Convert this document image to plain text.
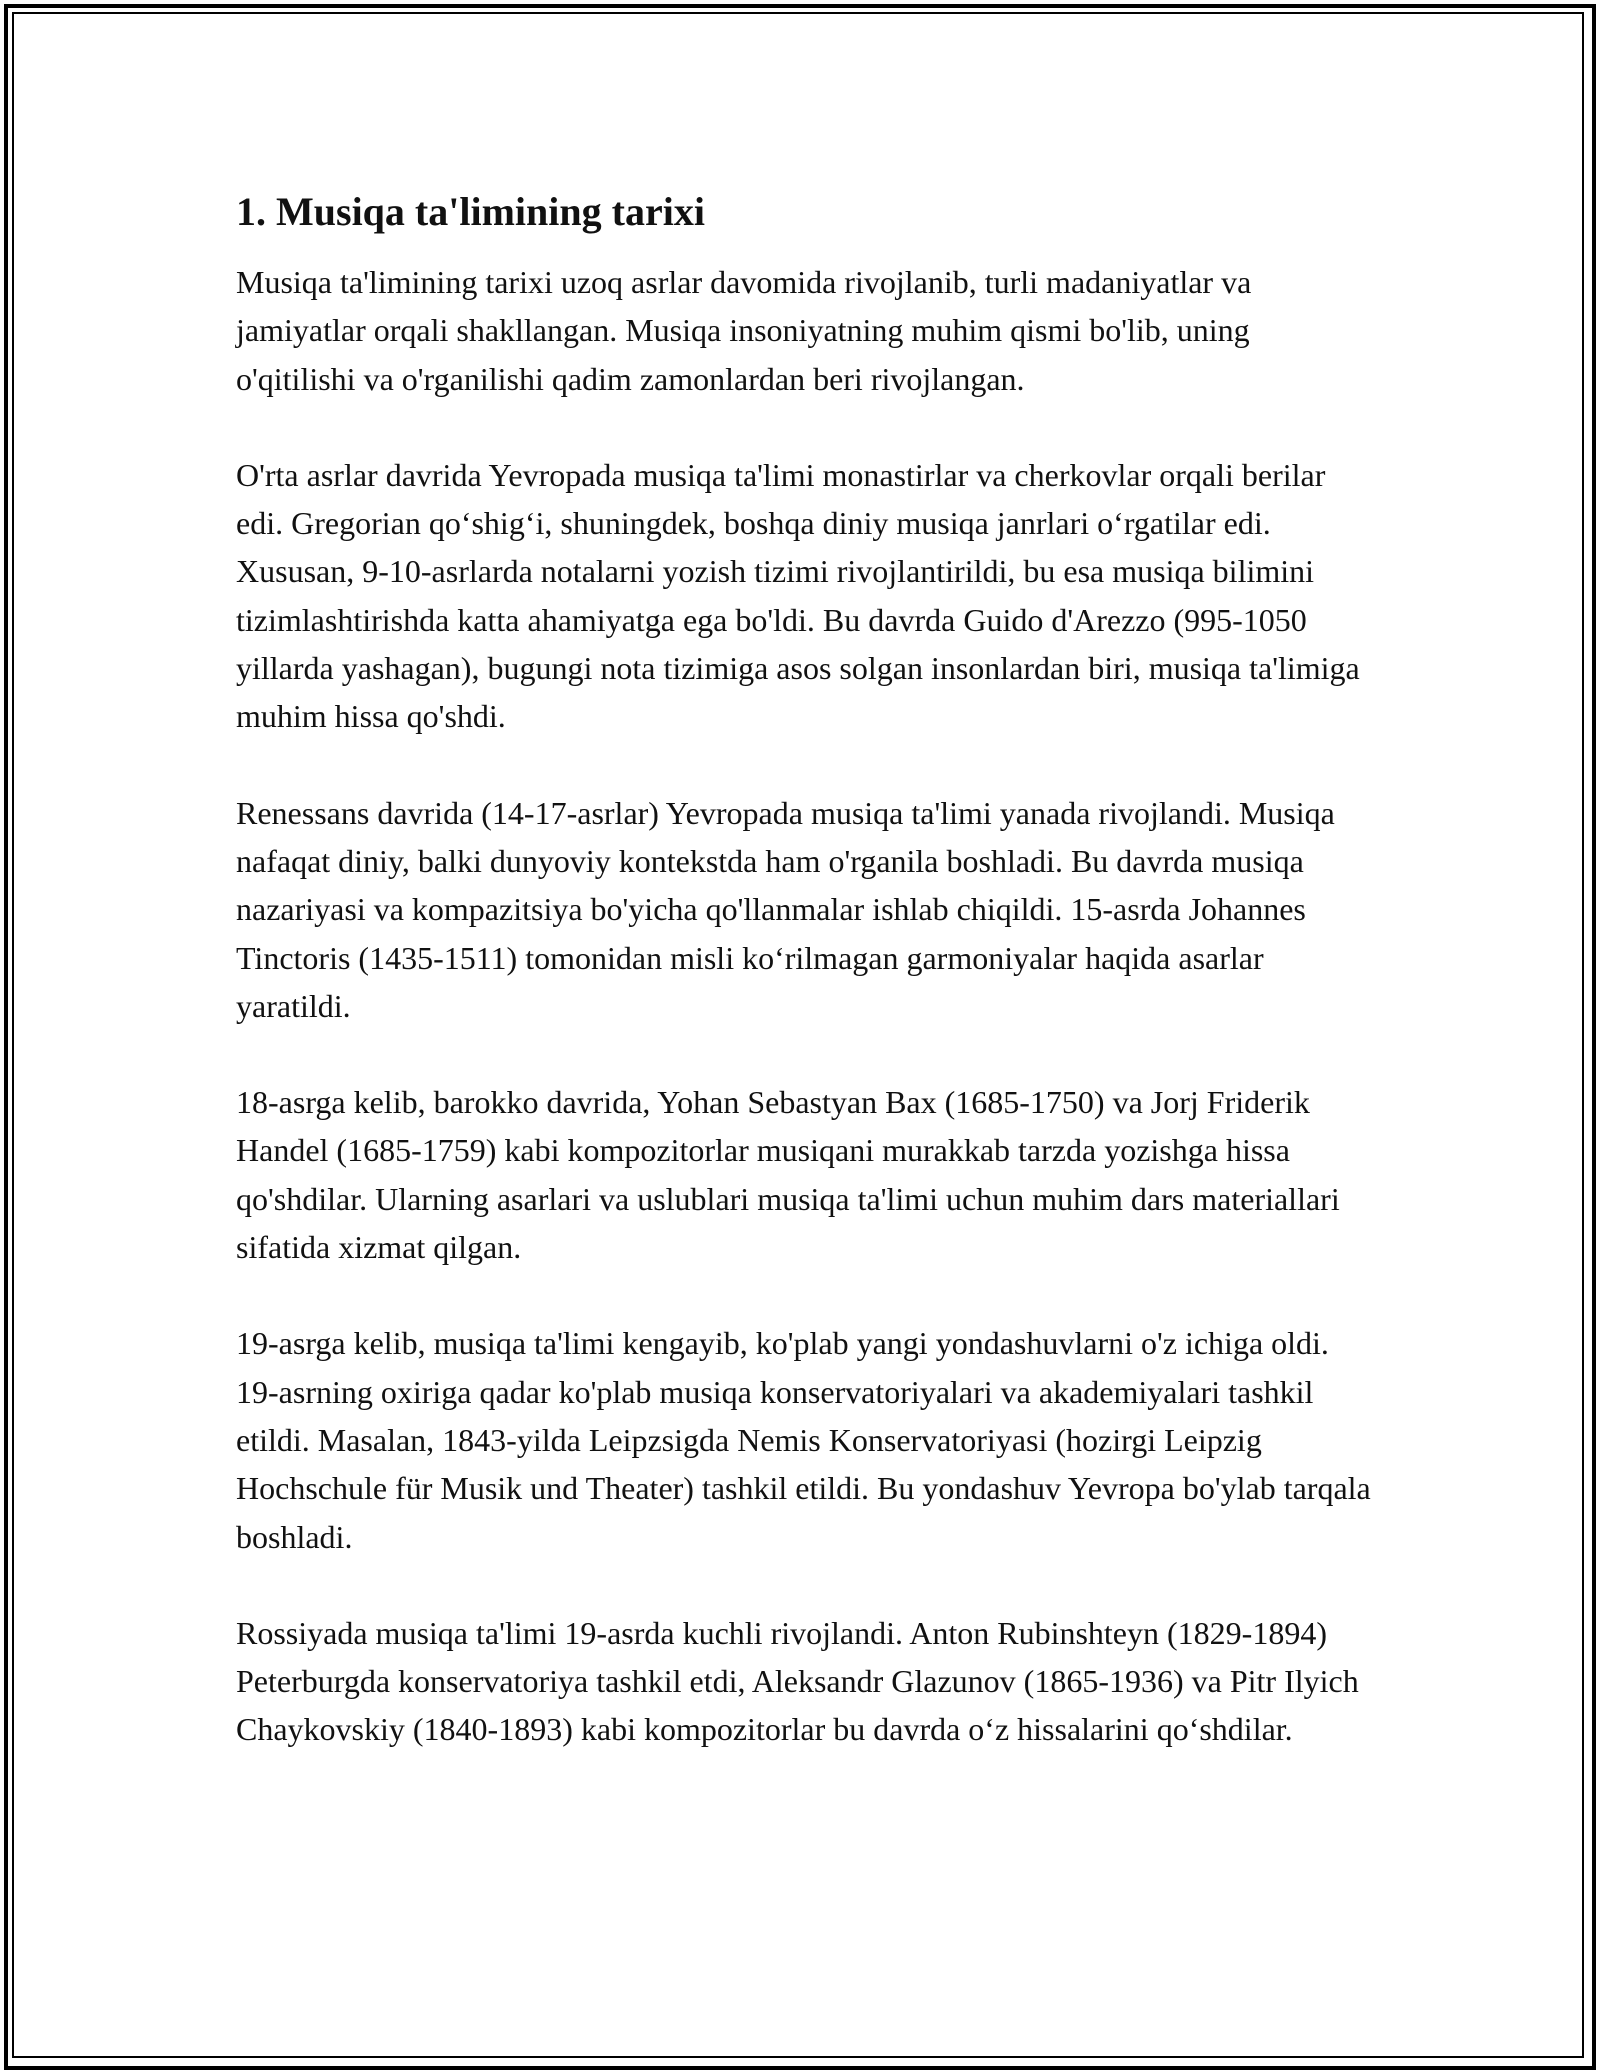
1. Musiqa ta'limining tarixi

Musiqa ta'limining tarixi uzoq asrlar davomida rivojlanib, turli madaniyatlar va jamiyatlar orqali shakllangan. Musiqa insoniyatning muhim qismi bo'lib, uning o'qitilishi va o'rganilishi qadim zamonlardan beri rivojlangan.

O'rta asrlar davrida Yevropada musiqa ta'limi monastirlar va cherkovlar orqali berilar edi. Gregorian qo‘shig‘i, shuningdek, boshqa diniy musiqa janrlari o‘rgatilar edi. Xususan, 9-10-asrlarda notalarni yozish tizimi rivojlantirildi, bu esa musiqa bilimini tizimlashtirishda katta ahamiyatga ega bo'ldi. Bu davrda Guido d'Arezzo (995-1050 yillarda yashagan), bugungi nota tizimiga asos solgan insonlardan biri, musiqa ta'limiga muhim hissa qo'shdi.

Renessans davrida (14-17-asrlar) Yevropada musiqa ta'limi yanada rivojlandi. Musiqa nafaqat diniy, balki dunyoviy kontekstda ham o'rganila boshladi. Bu davrda musiqa nazariyasi va kompazitsiya bo'yicha qo'llanmalar ishlab chiqildi. 15-asrda Johannes Tinctoris (1435-1511) tomonidan misli ko‘rilmagan garmoniyalar haqida asarlar yaratildi.

18-asrga kelib, barokko davrida, Yohan Sebastyan Bax (1685-1750) va Jorj Friderik Handel (1685-1759) kabi kompozitorlar musiqani murakkab tarzda yozishga hissa qo'shdilar. Ularning asarlari va uslublari musiqa ta'limi uchun muhim dars materiallari sifatida xizmat qilgan.

19-asrga kelib, musiqa ta'limi kengayib, ko'plab yangi yondashuvlarni o'z ichiga oldi. 19-asrning oxiriga qadar ko'plab musiqa konservatoriyalari va akademiyalari tashkil etildi. Masalan, 1843-yilda Leipzsigda Nemis Konservatoriyasi (hozirgi Leipzig Hochschule für Musik und Theater) tashkil etildi. Bu yondashuv Yevropa bo'ylab tarqala boshladi.

Rossiyada musiqa ta'limi 19-asrda kuchli rivojlandi. Anton Rubinshteyn (1829-1894) Peterburgda konservatoriya tashkil etdi, Aleksandr Glazunov (1865-1936) va Pitr Ilyich Chaykovskiy (1840-1893) kabi kompozitorlar bu davrda o‘z hissalarini qo‘shdilar.
